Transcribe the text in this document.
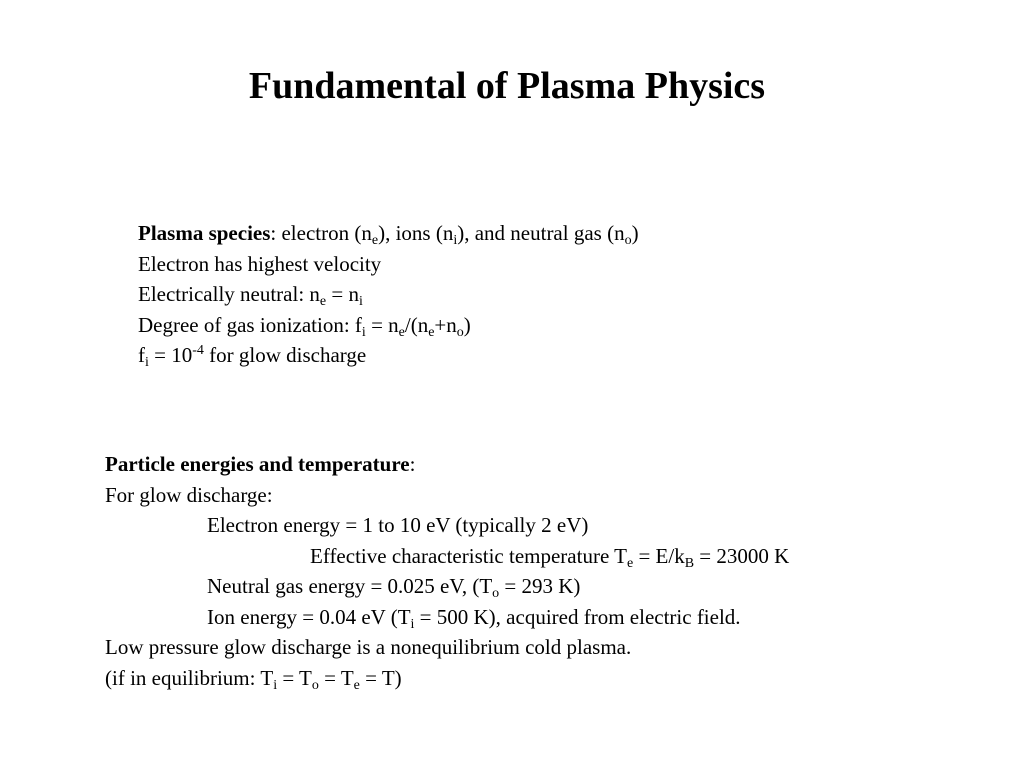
Fundamental of Plasma Physics
Plasma species: electron $(n_e)$, ions $(n_i)$, and neutral gas $(n_o)$
Electron has highest velocity
Electrically neutral: $n_e = n_i$
Degree of gas ionization: $f_i = n_e/(n_e+n_o)$
$f_i = 10^{-4}$ for glow discharge
Particle energies and temperature:
For glow discharge:
Electron energy = 1 to 10 eV (typically 2 eV)
Effective characteristic temperature $T_e = E/k_B = 23000$ K
Neutral gas energy = 0.025 eV, ($T_o = 293$ K)
Ion energy = 0.04 eV ($T_i = 500$ K), acquired from electric field.
Low pressure glow discharge is a nonequilibrium cold plasma.
(if in equilibrium: $T_i = T_o = T_e = T$)
